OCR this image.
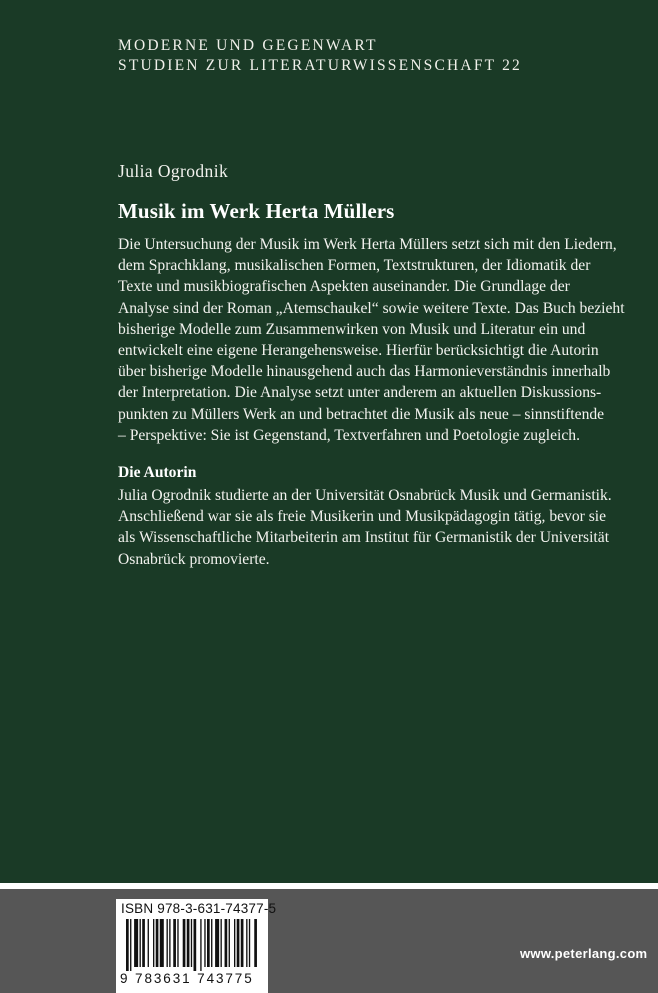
MODERNE UND GEGENWART
STUDIEN ZUR LITERATURWISSENSCHAFT 22
Julia Ogrodnik
Musik im Werk Herta Müllers
Die Untersuchung der Musik im Werk Herta Müllers setzt sich mit den Liedern,
dem Sprachklang, musikalischen Formen, Textstrukturen, der Idiomatik der
Texte und musikbiografischen Aspekten auseinander. Die Grundlage der
Analyse sind der Roman „Atemschaukel“ sowie weitere Texte. Das Buch bezieht
bisherige Modelle zum Zusammenwirken von Musik und Literatur ein und
entwickelt eine eigene Herangehensweise. Hierfür berücksichtigt die Autorin
über bisherige Modelle hinausgehend auch das Harmonieverständnis innerhalb
der Interpretation. Die Analyse setzt unter anderem an aktuellen Diskussions-
punkten zu Müllers Werk an und betrachtet die Musik als neue – sinnstiftende
– Perspektive: Sie ist Gegenstand, Textverfahren und Poetologie zugleich.
Die Autorin
Julia Ogrodnik studierte an der Universität Osnabrück Musik und Germanistik.
Anschließend war sie als freie Musikerin und Musikpädagogin tätig, bevor sie
als Wissenschaftliche Mitarbeiterin am Institut für Germanistik der Universität
Osnabrück promovierte.
ISBN 978-3-631-74377-5
9 783631 743775
www.peterlang.com
